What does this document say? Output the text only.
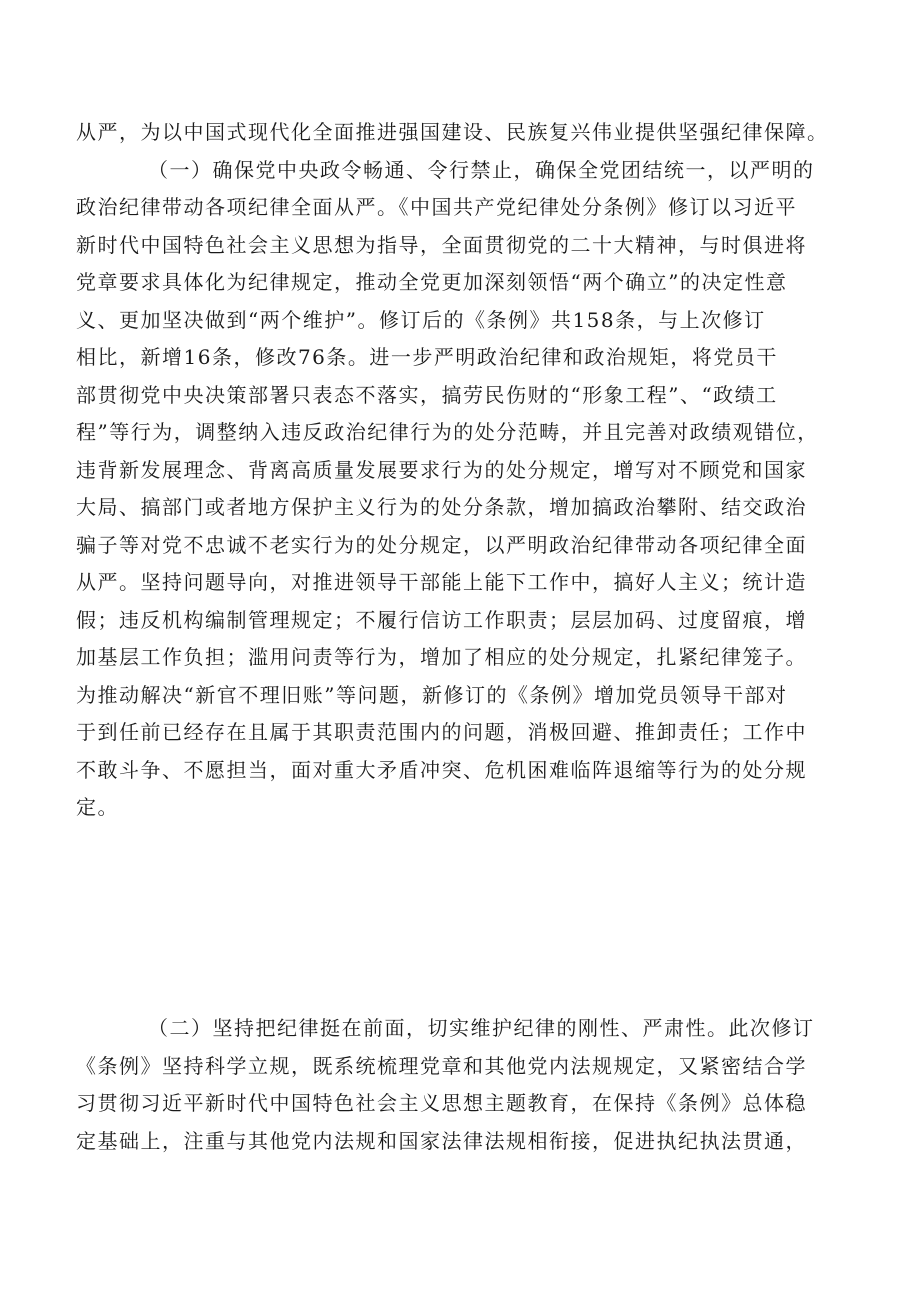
从严，为以中国式现代化全面推进强国建设、民族复兴伟业提供坚强纪律保障。
（一）确保党中央政令畅通、令行禁止，确保全党团结统一，以严明的
政治纪律带动各项纪律全面从严。《中国共产党纪律处分条例》修订以习近平
新时代中国特色社会主义思想为指导，全面贯彻党的二十大精神，与时俱进将
党章要求具体化为纪律规定，推动全党更加深刻领悟“两个确立”的决定性意
义、更加坚决做到“两个维护”。修订后的《条例》共158条，与上次修订
相比，新增16条，修改76条。进一步严明政治纪律和政治规矩，将党员干
部贯彻党中央决策部署只表态不落实，搞劳民伤财的“形象工程”、“政绩工
程”等行为，调整纳入违反政治纪律行为的处分范畴，并且完善对政绩观错位，
违背新发展理念、背离高质量发展要求行为的处分规定，增写对不顾党和国家
大局、搞部门或者地方保护主义行为的处分条款，增加搞政治攀附、结交政治
骗子等对党不忠诚不老实行为的处分规定，以严明政治纪律带动各项纪律全面
从严。坚持问题导向，对推进领导干部能上能下工作中，搞好人主义；统计造
假；违反机构编制管理规定；不履行信访工作职责；层层加码、过度留痕，增
加基层工作负担；滥用问责等行为，增加了相应的处分规定，扎紧纪律笼子。
为推动解决“新官不理旧账”等问题，新修订的《条例》增加党员领导干部对
于到任前已经存在且属于其职责范围内的问题，消极回避、推卸责任；工作中
不敢斗争、不愿担当，面对重大矛盾冲突、危机困难临阵退缩等行为的处分规
定。
（二）坚持把纪律挺在前面，切实维护纪律的刚性、严肃性。此次修订
《条例》坚持科学立规，既系统梳理党章和其他党内法规规定，又紧密结合学
习贯彻习近平新时代中国特色社会主义思想主题教育，在保持《条例》总体稳
定基础上，注重与其他党内法规和国家法律法规相衔接，促进执纪执法贯通，
